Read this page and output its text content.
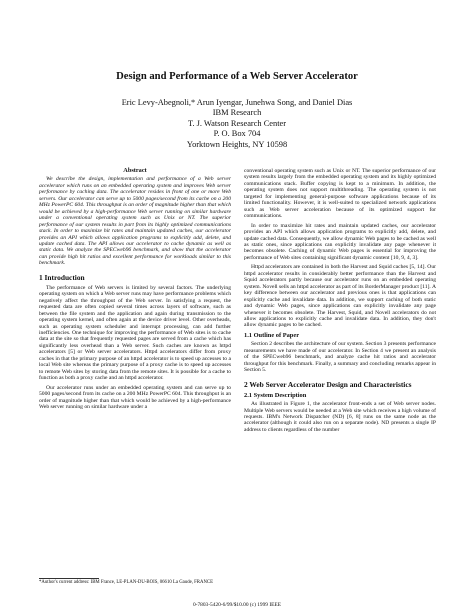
Design and Performance of a Web Server Accelerator
Eric Levy-Abegnoli,* Arun Iyengar, Junehwa Song, and Daniel Dias
IBM Research
T. J. Watson Research Center
P. O. Box 704
Yorktown Heights, NY 10598
Abstract

We describe the design, implementation and performance of a Web server accelerator which runs on an embedded operating system and improves Web server performance by caching data. The accelerator resides in front of one or more Web servers. Our accelerator can serve up to 5000 pages/second from its cache on a 200 MHz PowerPC 604. This throughput is an order of magnitude higher than that which would be achieved by a high-performance Web server running on similar hardware under a conventional operating system such as Unix or NT. The superior performance of our system results in part from its highly optimized communications stack. In order to maximize hit rates and maintain updated caches, our accelerator provides an API which allows application programs to explicitly add, delete, and update cached data. The API allows our accelerator to cache dynamic as well as static data. We analyze the SPECweb96 benchmark, and show that the accelerator can provide high hit ratios and excellent performance for workloads similar to this benchmark.

1 Introduction

The performance of Web servers is limited by several factors. The underlying operating system on which a Web server runs may have performance problems which negatively affect the throughput of the Web server. In satisfying a request, the requested data are often copied several times across layers of software, such as between the file system and the application and again during transmission to the operating system kernel, and often again at the device driver level. Other overheads, such as operating system scheduler and interrupt processing, can add further inefficiencies. One technique for improving the performance of Web sites is to cache data at the site so that frequently requested pages are served from a cache which has significantly less overhead than a Web server. Such caches are known as httpd accelerators [5] or Web server accelerators. Httpd accelerators differ from proxy caches in that the primary purpose of an httpd accelerator is to speed up accesses to a local Web site whereas the primary purpose of a proxy cache is to speed up accesses to remote Web sites by storing data from the remote sites. It is possible for a cache to function as both a proxy cache and an httpd accelerator.

Our accelerator runs under an embedded operating system and can serve up to 5000 pages/second from its cache on a 200 MHz PowerPC 604. This throughput is an order of magnitude higher than that which would be achieved by a high-performance Web server running on similar hardware under a

conventional operating system such as Unix or NT. The superior performance of our system results largely from the embedded operating system and its highly optimized communications stack. Buffer copying is kept to a minimum. In addition, the operating system does not support multithreading. The operating system is not targeted for implementing general-purpose software applications because of its limited functionality. However, it is well-suited to specialized network applications such as Web server acceleration because of its optimized support for communications.

In order to maximize hit rates and maintain updated caches, our accelerator provides an API which allows application programs to explicitly add, delete, and update cached data. Consequently, we allow dynamic Web pages to be cached as well as static ones, since applications can explicitly invalidate any page whenever it becomes obsolete. Caching of dynamic Web pages is essential for improving the performance of Web sites containing significant dynamic content [10, 9, 4, 3].

Httpd accelerators are contained in both the Harvest and Squid caches [5, 14]. Our httpd accelerator results in considerably better performance than the Harvest and Squid accelerators partly because our accelerator runs on an embedded operating system. Novell sells an httpd accelerator as part of its BorderManager product [11]. A key difference between our accelerator and previous ones is that applications can explicitly cache and invalidate data. In addition, we support caching of both static and dynamic Web pages, since applications can explicitly invalidate any page whenever it becomes obsolete. The Harvest, Squid, and Novell accelerators do not allow applications to explicitly cache and invalidate data. In addition, they don't allow dynamic pages to be cached.

1.1 Outline of Paper

Section 2 describes the architecture of our system. Section 3 presents performance measurements we have made of our accelerator. In Section 4 we present an analysis of the SPECweb96 benchmark, and analyze cache hit ratios and accelerator throughput for this benchmark. Finally, a summary and concluding remarks appear in Section 5.

2 Web Server Accelerator Design and Characteristics
2.1 System Description

As illustrated in Figure 1, the accelerator front-ends a set of Web server nodes. Multiple Web servers would be needed at a Web site which receives a high volume of requests. IBM's Network Dispatcher (ND) [6, 8] runs on the same node as the accelerator (although it could also run on a separate node). ND presents a single IP address to clients regardless of the number

*Author's current address: IBM France, LE-PLAN-DU-BOIS, 06610 La Gaude, FRANCE
0-7803-5420-6/99/$10.00 (c) 1999 IEEE
